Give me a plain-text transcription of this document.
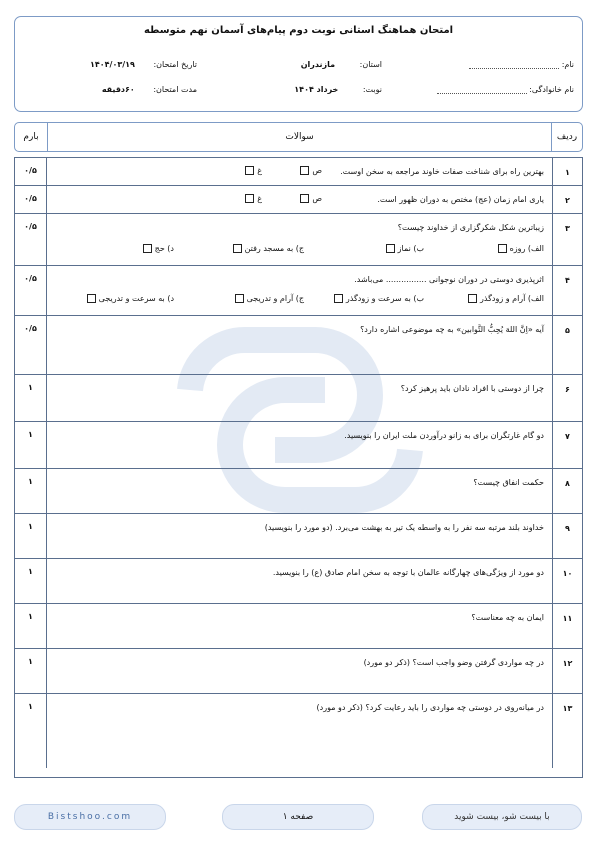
امتحان هماهنگ استانی نوبت دوم پیام‌های آسمان نهم متوسطه
نام:
استان: مازندران
تاریخ امتحان: ۱۴۰۴/۰۳/۱۹
نام خانوادگی:
نوبت: خرداد ۱۴۰۴
مدت امتحان: ۶۰دقیقه
ردیف
سوالات
بارم
۱
۰/۵	بهترین راه برای شناخت صفات خاوند مراجعه به سخن اوست.
ص
غ
۲
۰/۵	یاری امام زمان (عج) مختص به دوران ظهور است.
ص
غ
۳
۰/۵	زیباترین شکل شکرگزاری از خداوند چیست؟
الف) روزه
ب) نماز
ج) به مسجد رفتن
د) حج
۴
۰/۵	اثرپذیری دوستی در دوران نوجوانی ................ می‌باشد.
الف) آرام و زودگذر
ب) به سرعت و زودگذر
ج) آرام و تدریجی
د) به سرعت و تدریجی
۵
۰/۵	آیه «اِنَّ اللهَ یُحِبُّ التَّوابین» به چه موضوعی اشاره دارد؟
۶
۱	چرا از دوستی با افراد نادان باید پرهیز کرد؟
۷
۱	دو گام غارتگران برای به زانو درآوردن ملت ایران را بنویسید.
۸
۱	حکمت انفاق چیست؟
۹
۱	خداوند بلند مرتبه سه نفر را به واسطه یک تیر به بهشت می‌برد. (دو مورد را بنویسید)
۱۰
۱	دو مورد از ویژگی‌های چهارگانه عالمان با توجه به سخن امام صادق (ع) را بنویسید.
۱۱
۱	ایمان به چه معناست؟
۱۲
۱	در چه مواردی گرفتن وضو واجب است؟ (ذکر دو مورد)
۱۳
۱	در میانه‌روی در دوستی چه مواردی را باید رعایت کرد؟ (ذکر دو مورد)
Bistshoo.com	صفحه ۱	با بیست شو، بیست شوید
